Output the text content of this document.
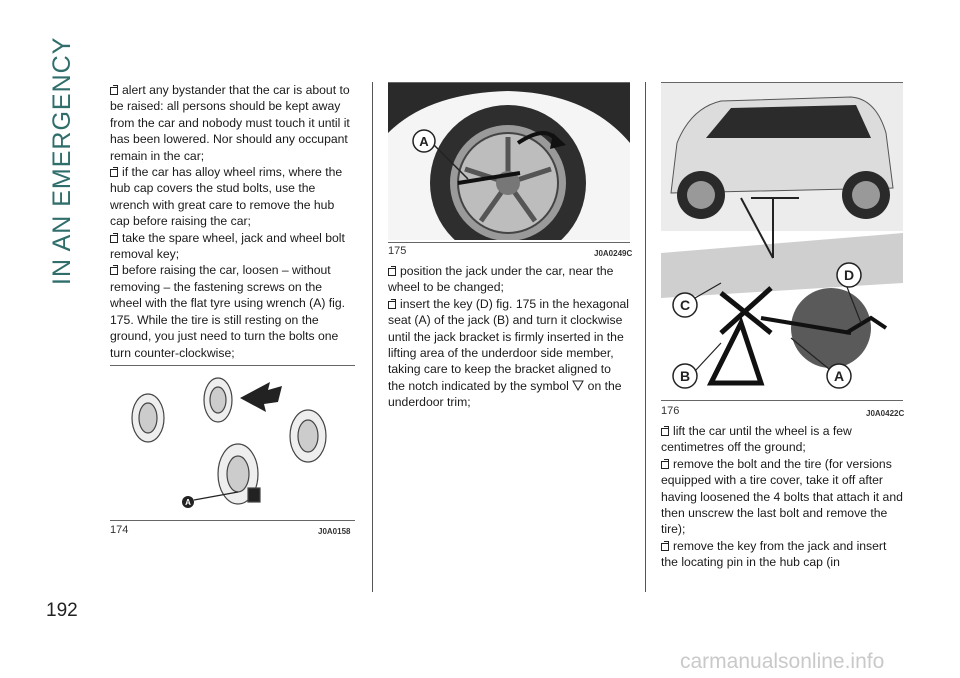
IN AN EMERGENCY
192

alert any bystander that the car is about to be raised: all persons should be kept away from the car and nobody must touch it until it has been lowered. Nor should any occupant remain in the car;

if the car has alloy wheel rims, where the hub cap covers the stud bolts, use the wrench with great care to remove the hub cap before raising the car;

take the spare wheel, jack and wheel bolt removal key;

before raising the car, loosen – without removing – the fastening screws on the wheel with the flat tyre using wrench (A) fig. 175. While the tire is still resting on the ground, you just need to turn the bolts one turn counter-clockwise;

A
174	J0A0158
A
175	J0A0249C

position the jack under the car, near the wheel to be changed;

insert the key (D) fig. 175 in the hexagonal seat (A) of the jack (B) and turn it clockwise until the jack bracket is firmly inserted in the lifting area of the underdoor side member, taking care to keep the bracket aligned to the notch indicated by the symbol on the underdoor trim;

D
C
B	A
176	J0A0422C

lift the car until the wheel is a few centimetres off the ground;

remove the bolt and the tire (for versions equipped with a tire cover, take it off after having loosened the 4 bolts that attach it and then unscrew the last bolt and remove the tire);

remove the key from the jack and insert the locating pin in the hub cap (in

carmanualsonline.info
